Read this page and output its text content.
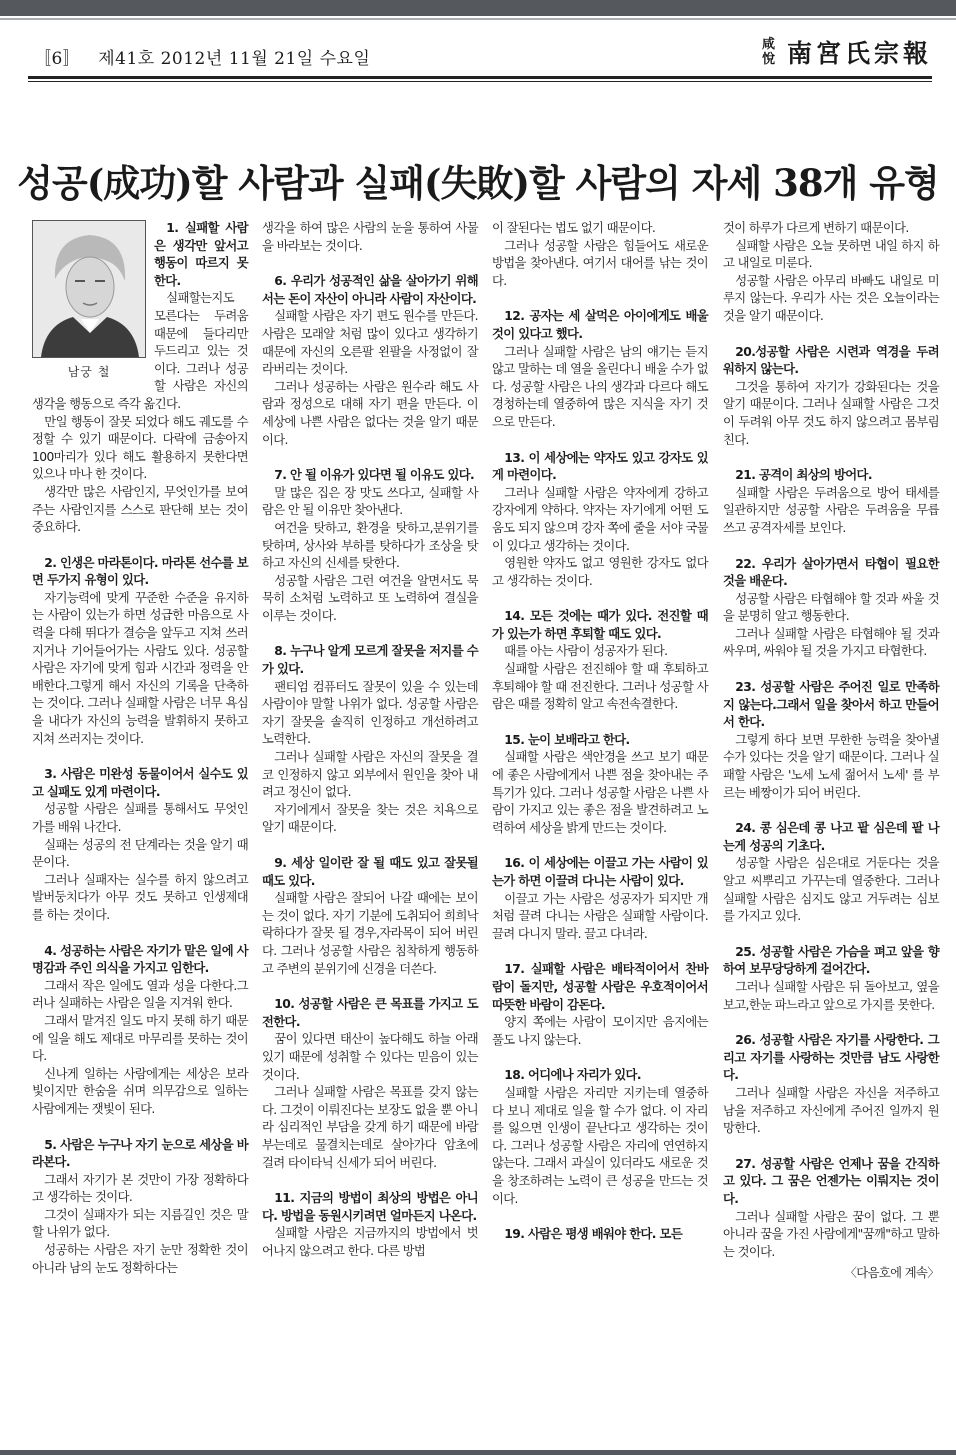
〚6〛 제41호 2012년 11월 21일 수요일
咸
悅 南宮氏宗報
성공(成功)할 사람과 실패(失敗)할 사람의 자세 38개 유형
남궁 철

1. 실패할 사람은 생각만 앞서고 행동이 따르지 못한다.

실패할는지도 모른다는 두려움 때문에 들다리만 두드리고 있는 것이다. 그러나 성공할 사람은 자신의 생각을 행동으로 즉각 옮긴다.

만일 행동이 잘못 되었다 해도 궤도를 수정할 수 있기 때문이다. 다락에 금송아지 100마리가 있다 해도 활용하지 못한다면 있으나 마나 한 것이다.

생각만 많은 사람인지, 무엇인가를 보여 주는 사람인지를 스스로 판단해 보는 것이 중요하다.

2. 인생은 마라톤이다. 마라톤 선수를 보면 두가지 유형이 있다.

자기능력에 맞게 꾸준한 수준을 유지하는 사람이 있는가 하면 성급한 마음으로 사력을 다해 뛰다가 결승을 앞두고 지쳐 쓰러지거나 기어들어가는 사람도 있다. 성공할 사람은 자기에 맞게 힘과 시간과 정력을 안배한다.그렇게 해서 자신의 기록을 단축하는 것이다. 그러나 실패할 사람은 너무 욕심을 내다가 자신의 능력을 발휘하지 못하고 지쳐 쓰러지는 것이다.

3. 사람은 미완성 동물이어서 실수도 있고 실패도 있게 마련이다.

성공할 사람은 실패를 통해서도 무엇인가를 배워 나간다.

실패는 성공의 전 단계라는 것을 알기 때문이다.

그러나 실패자는 실수를 하지 않으려고 발버둥치다가 아무 것도 못하고 인생제대를 하는 것이다.

4. 성공하는 사람은 자기가 맡은 일에 사명감과 주인 의식을 가지고 임한다.

그래서 작은 일에도 열과 성을 다한다.그러나 실패하는 사람은 일을 지겨워 한다.

그래서 맡겨진 일도 마지 못해 하기 때문에 일을 해도 제대로 마무리를 못하는 것이다.

신나게 일하는 사람에게는 세상은 보라빛이지만 한숨을 쉬며 의무감으로 일하는 사람에게는 잿빛이 된다.

5. 사람은 누구나 자기 눈으로 세상을 바라본다.

그래서 자기가 본 것만이 가장 정확하다고 생각하는 것이다.

그것이 실패자가 되는 지름길인 것은 말할 나위가 없다.

성공하는 사람은 자기 눈만 정확한 것이 아니라 남의 눈도 정확하다는

생각을 하여 많은 사람의 눈을 통하여 사물을 바라보는 것이다.

6. 우리가 성공적인 삶을 살아가기 위해서는 돈이 자산이 아니라 사람이 자산이다.

실패할 사람은 자기 편도 원수를 만든다. 사람은 모래알 처럼 많이 있다고 생각하기 때문에 자신의 오른팔 왼팔을 사정없이 잘라버리는 것이다.

그러나 성공하는 사람은 원수라 해도 사람과 정성으로 대해 자기 편을 만든다. 이 세상에 나쁜 사람은 없다는 것을 알기 때문이다.

7. 안 될 이유가 있다면 될 이유도 있다.

말 많은 집은 장 맛도 쓰다고, 실패할 사람은 안 될 이유만 찾아낸다.

여건을 탓하고, 환경을 탓하고,분위기를 탓하며, 상사와 부하를 탓하다가 조상을 탓하고 자신의 신세를 탓한다.

성공할 사람은 그런 여건을 알면서도 묵묵히 소처럼 노력하고 또 노력하여 결실을 이루는 것이다.

8. 누구나 알게 모르게 잘못을 저지를 수가 있다.

팬티엄 컴퓨터도 잘못이 있을 수 있는데 사람이야 말할 나위가 없다. 성공할 사람은 자기 잘못을 솔직히 인정하고 개선하려고 노력한다.

그러나 실패할 사람은 자신의 잘못을 결코 인정하지 않고 외부에서 원인을 찾아 내려고 정신이 없다.

자기에게서 잘못을 찾는 것은 치욕으로 알기 때문이다.

9. 세상 일이란 잘 될 때도 있고 잘못될 때도 있다.

실패할 사람은 잘되어 나갈 때에는 보이는 것이 없다. 자기 기분에 도취되어 희희낙락하다가 잘못 될 경우,자라목이 되어 버린다. 그러나 성공할 사람은 침착하게 행동하고 주변의 분위기에 신경을 더쓴다.

10. 성공할 사람은 큰 목표를 가지고 도전한다.

꿈이 있다면 태산이 높다해도 하늘 아래 있기 때문에 성취할 수 있다는 믿음이 있는 것이다.

그러나 실패할 사람은 목표를 갖지 않는다. 그것이 이뤄진다는 보장도 없을 뿐 아니라 심리적인 부담을 갖게 하기 때문에 바람부는데로 물결치는데로 살아가다 암초에 걸려 타이타닉 신세가 되어 버린다.

11. 지금의 방법이 최상의 방법은 아니다. 방법을 동원시키려면 얼마든지 나온다.

실패할 사람은 지금까지의 방법에서 벗어나지 않으려고 한다. 다른 방법

이 잘된다는 법도 없기 때문이다.

그러나 성공할 사람은 힘들어도 새로운 방법을 찾아낸다. 여기서 대어를 낚는 것이다.

12. 공자는 세 살먹은 아이에게도 배울 것이 있다고 했다.

그러나 실패할 사람은 남의 얘기는 듣지 않고 말하는 데 열을 올린다니 배울 수가 없다. 성공할 사람은 나의 생각과 다르다 해도 경청하는데 열중하여 많은 지식을 자기 것으로 만든다.

13. 이 세상에는 약자도 있고 강자도 있게 마련이다.

그러나 실패할 사람은 약자에게 강하고 강자에게 약하다. 약자는 자기에게 어떤 도움도 되지 않으며 강자 쪽에 줄을 서야 국물이 있다고 생각하는 것이다.

영원한 약자도 없고 영원한 강자도 없다고 생각하는 것이다.

14. 모든 것에는 때가 있다. 전진할 때가 있는가 하면 후퇴할 때도 있다.

때를 아는 사람이 성공자가 된다.

실패할 사람은 전진해야 할 때 후퇴하고 후퇴해야 할 때 전진한다. 그러나 성공할 사람은 때를 정확히 알고 속전속결한다.

15. 눈이 보배라고 한다.

실패할 사람은 색안경을 쓰고 보기 때문에 좋은 사람에게서 나쁜 점을 찾아내는 주특기가 있다. 그러나 성공할 사람은 나쁜 사람이 가지고 있는 좋은 점을 발견하려고 노력하여 세상을 밝게 만드는 것이다.

16. 이 세상에는 이끌고 가는 사람이 있는가 하면 이끌려 다니는 사람이 있다.

이끌고 가는 사람은 성공자가 되지만 개처럼 끌려 다니는 사람은 실패할 사람이다. 끌려 다니지 말라. 끌고 다녀라.

17. 실패할 사람은 배타적이어서 찬바람이 돌지만, 성공할 사람은 우호적이어서 따뜻한 바람이 감돈다.

양지 쪽에는 사람이 모이지만 음지에는 풀도 나지 않는다.

18. 어디에나 자리가 있다.

실패할 사람은 자리만 지키는데 열중하다 보니 제대로 일을 할 수가 없다. 이 자리를 잃으면 인생이 끝난다고 생각하는 것이다. 그러나 성공할 사람은 자리에 연연하지 않는다. 그래서 과실이 있더라도 새로운 것을 창조하려는 노력이 큰 성공을 만드는 것이다.

19. 사람은 평생 배워야 한다. 모든

것이 하루가 다르게 변하기 때문이다.

실패할 사람은 오늘 못하면 내일 하지 하고 내일로 미룬다.

성공할 사람은 아무리 바빠도 내일로 미루지 않는다. 우리가 사는 것은 오늘이라는 것을 알기 때문이다.

20.성공할 사람은 시련과 역경을 두려워하지 않는다.

그것을 통하여 자기가 강화된다는 것을 알기 때문이다. 그러나 실패할 사람은 그것이 두려워 아무 것도 하지 않으려고 몸부림친다.

21. 공격이 최상의 방어다.

실패할 사람은 두려움으로 방어 태세를 일관하지만 성공할 사람은 두려움을 무릅쓰고 공격자세를 보인다.

22. 우리가 살아가면서 타협이 필요한 것을 배운다.

성공할 사람은 타협해야 할 것과 싸울 것을 분명히 알고 행동한다.

그러나 실패할 사람은 타협해야 될 것과 싸우며, 싸워야 될 것을 가지고 타협한다.

23. 성공할 사람은 주어진 일로 만족하지 않는다.그래서 일을 찾아서 하고 만들어서 한다.

그렇게 하다 보면 무한한 능력을 찾아낼 수가 있다는 것을 알기 때문이다. 그러나 실패할 사람은 '노세 노세 젊어서 노세' 를 부르는 베짱이가 되어 버린다.

24. 콩 심은데 콩 나고 팥 심은데 팥 나는게 성공의 기초다.

성공할 사람은 심은대로 거둔다는 것을 알고 씨뿌리고 가꾸는데 열중한다. 그러나 실패할 사람은 심지도 않고 거두려는 심보를 가지고 있다.

25. 성공할 사람은 가슴을 펴고 앞을 향하여 보무당당하게 걸어간다.

그러나 실패할 사람은 뒤 돌아보고, 옆을 보고,한눈 파느라고 앞으로 가지를 못한다.

26. 성공할 사람은 자기를 사랑한다. 그리고 자기를 사랑하는 것만큼 남도 사랑한다.

그러나 실패할 사람은 자신을 저주하고 남을 저주하고 자신에게 주어진 일까지 원망한다.

27. 성공할 사람은 언제나 꿈을 간직하고 있다. 그 꿈은 언젠가는 이뤄지는 것이다.

그러나 실패할 사람은 꿈이 없다. 그 뿐 아니라 꿈을 가진 사람에게"꿈깨"하고 말하는 것이다.

〈다음호에 계속〉
